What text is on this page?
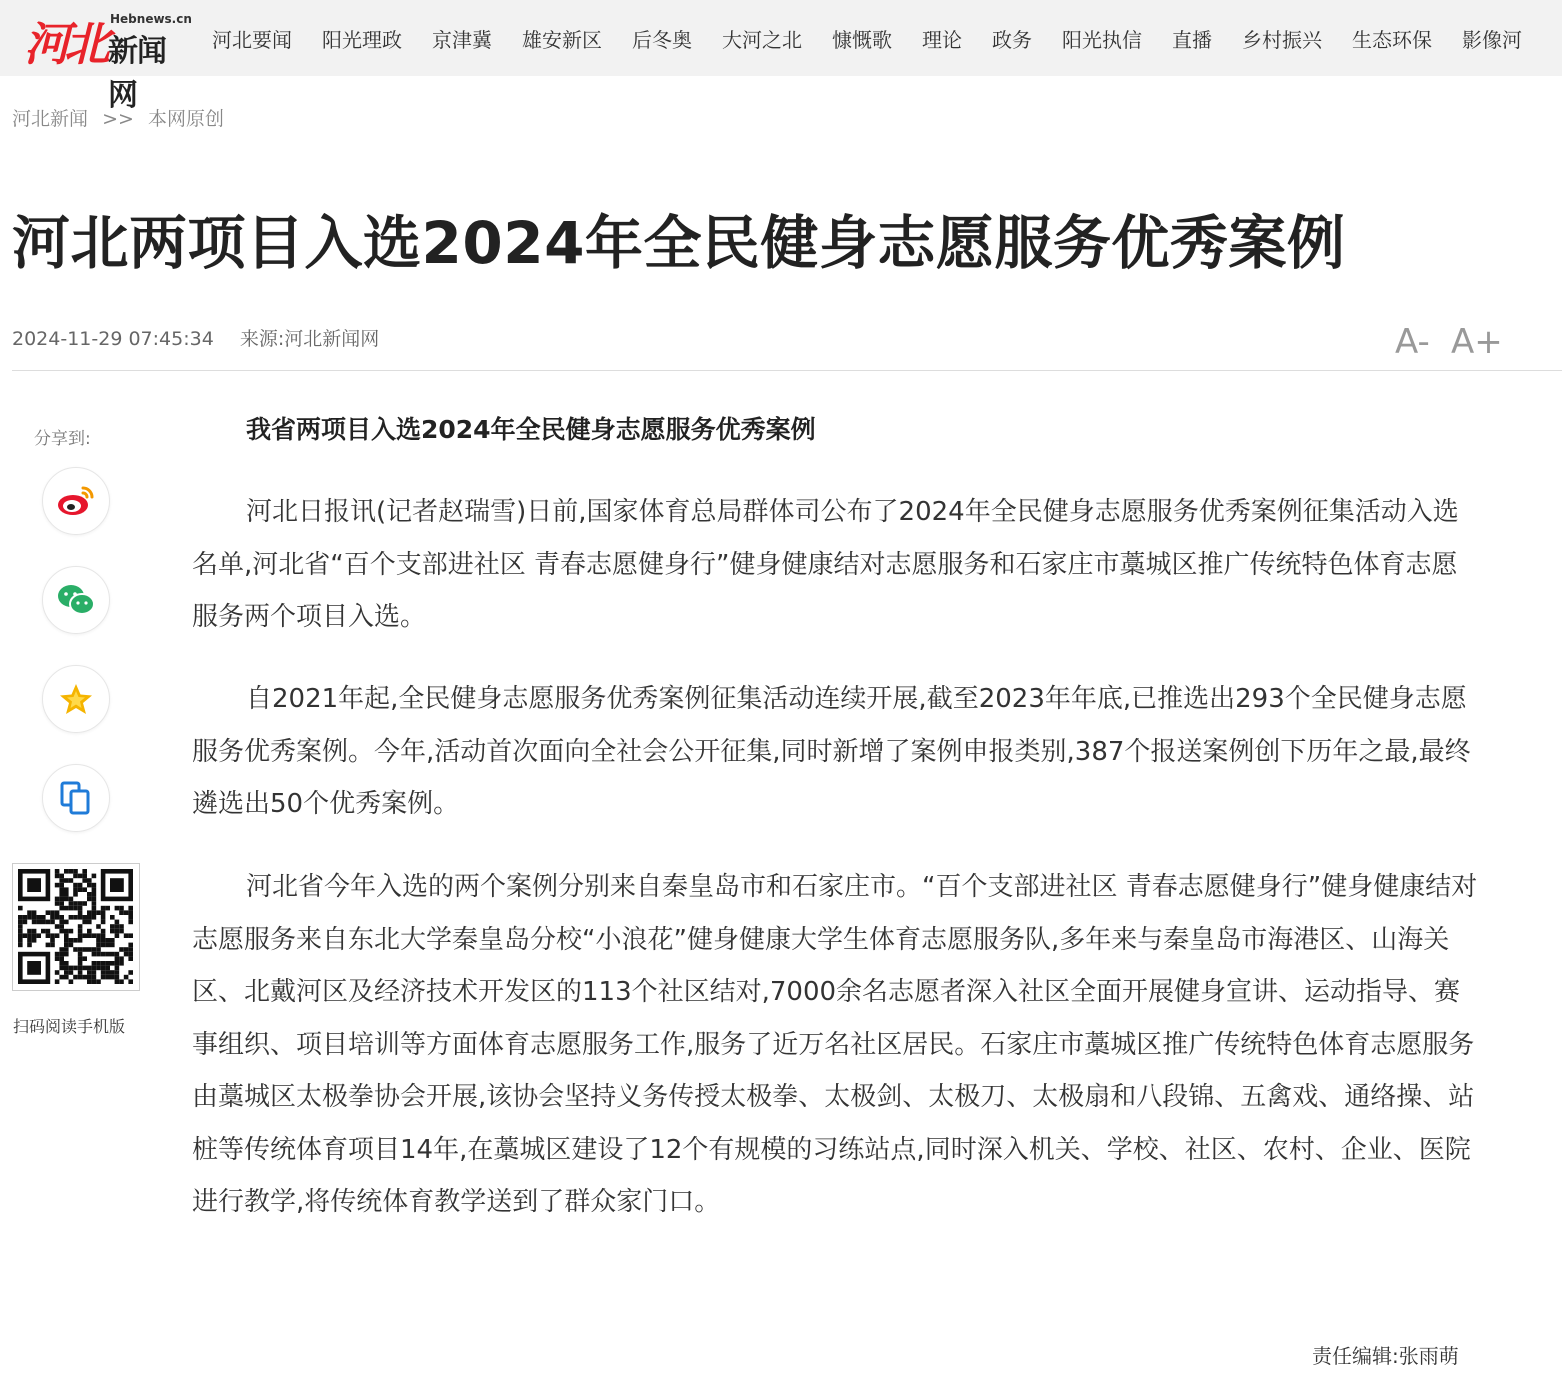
河北 Hebnews.cn
新闻网
河北要闻 阳光理政 京津冀 雄安新区 后冬奥 大河之北 慷慨歌 理论 政务 阳光执信 直播 乡村振兴 生态环保 影像河
河北新闻 >> 本网原创
河北两项目入选2024年全民健身志愿服务优秀案例
2024-11-29 07:45:34 来源:河北新闻网	A- A+
分享到:
扫码阅读手机版
我省两项目入选2024年全民健身志愿服务优秀案例

河北日报讯(记者赵瑞雪)日前,国家体育总局群体司公布了2024年全民健身志愿服务优秀案例征集活动入选名单,河北省“百个支部进社区 青春志愿健身行”健身健康结对志愿服务和石家庄市藁城区推广传统特色体育志愿服务两个项目入选。

自2021年起,全民健身志愿服务优秀案例征集活动连续开展,截至2023年年底,已推选出293个全民健身志愿服务优秀案例。今年,活动首次面向全社会公开征集,同时新增了案例申报类别,387个报送案例创下历年之最,最终遴选出50个优秀案例。

河北省今年入选的两个案例分别来自秦皇岛市和石家庄市。“百个支部进社区 青春志愿健身行”健身健康结对志愿服务来自东北大学秦皇岛分校“小浪花”健身健康大学生体育志愿服务队,多年来与秦皇岛市海港区、山海关区、北戴河区及经济技术开发区的113个社区结对,7000余名志愿者深入社区全面开展健身宣讲、运动指导、赛事组织、项目培训等方面体育志愿服务工作,服务了近万名社区居民。石家庄市藁城区推广传统特色体育志愿服务由藁城区太极拳协会开展,该协会坚持义务传授太极拳、太极剑、太极刀、太极扇和八段锦、五禽戏、通络操、站桩等传统体育项目14年,在藁城区建设了12个有规模的习练站点,同时深入机关、学校、社区、农村、企业、医院进行教学,将传统体育教学送到了群众家门口。

责任编辑:张雨萌
